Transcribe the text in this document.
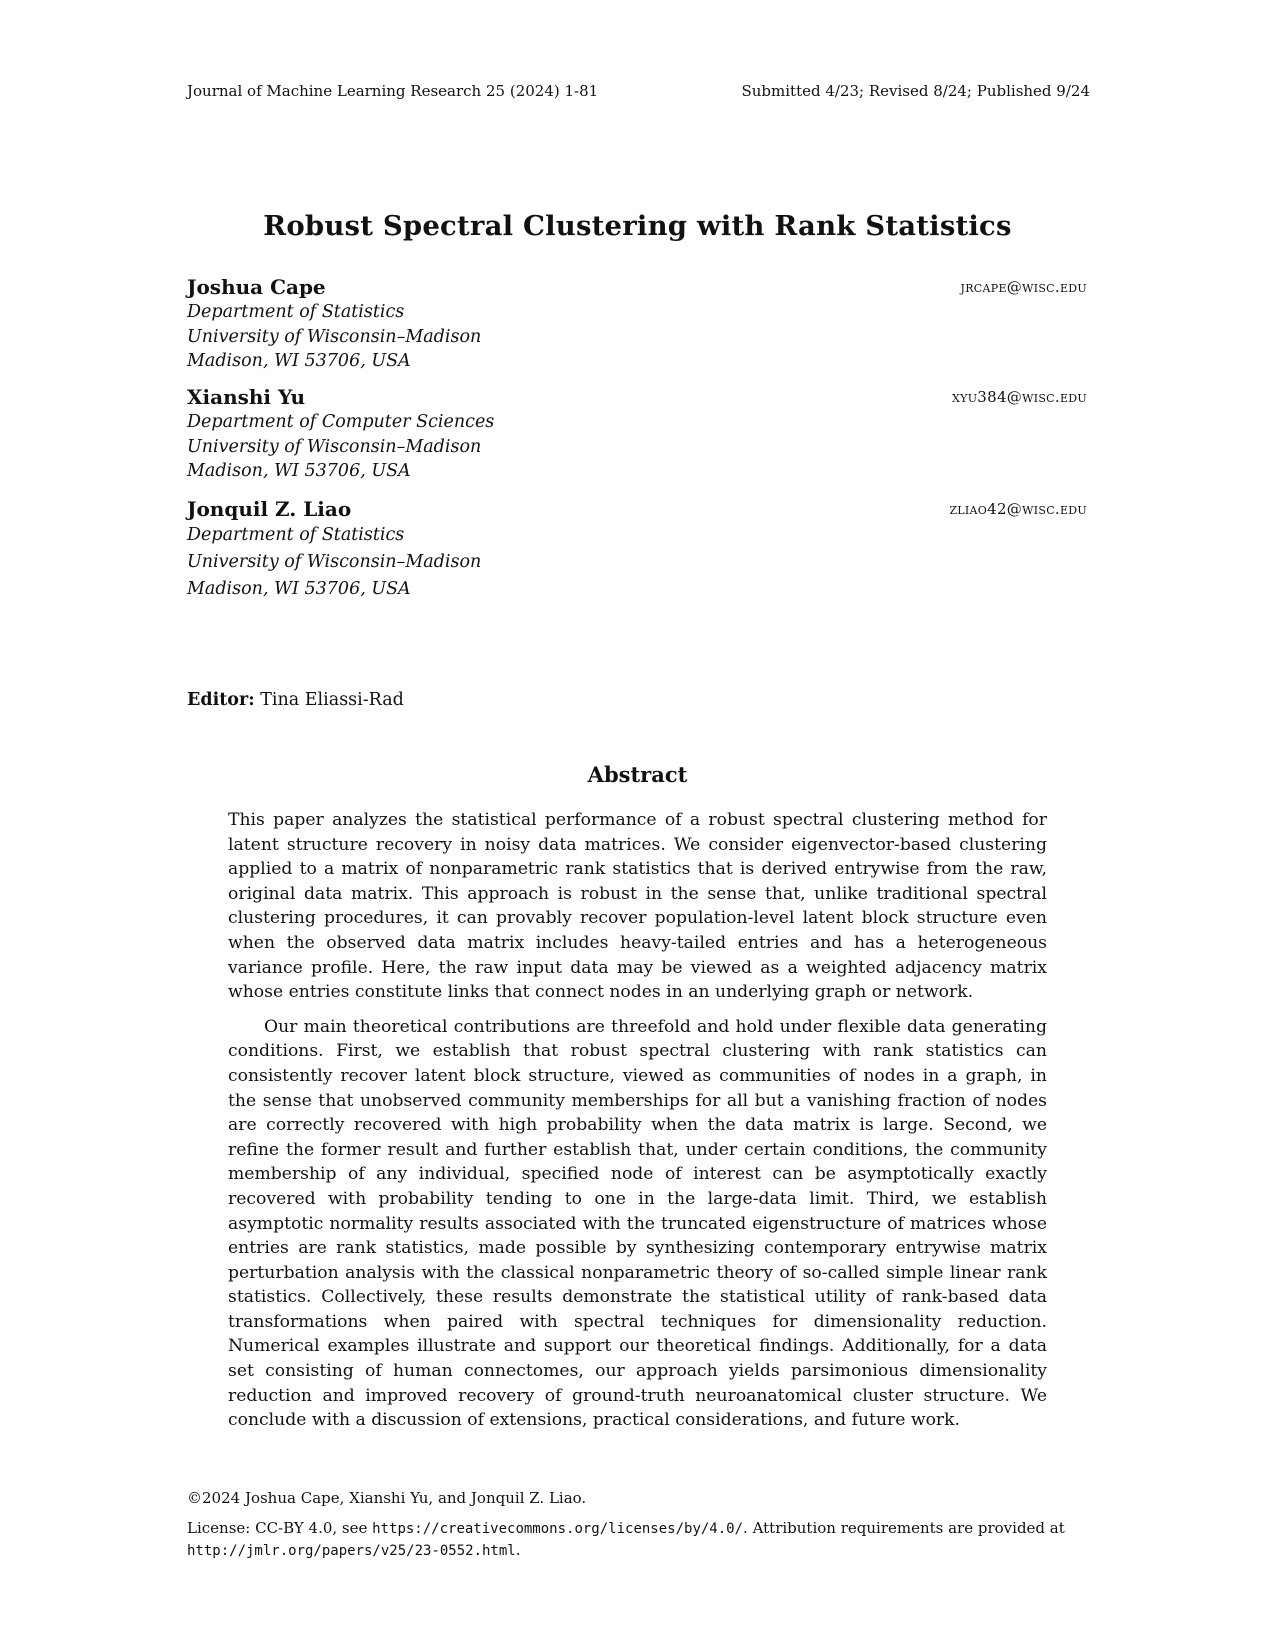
Journal of Machine Learning Research 25 (2024) 1-81	Submitted 4/23; Revised 8/24; Published 9/24
Robust Spectral Clustering with Rank Statistics
Joshua Cape	jrcape@wisc.edu
Department of Statistics
University of Wisconsin–Madison
Madison, WI 53706, USA
Xianshi Yu	xyu384@wisc.edu
Department of Computer Sciences
University of Wisconsin–Madison
Madison, WI 53706, USA
Jonquil Z. Liao	zliao42@wisc.edu
Department of Statistics
University of Wisconsin–Madison
Madison, WI 53706, USA
Editor: Tina Eliassi-Rad
Abstract

This paper analyzes the statistical performance of a robust spectral clustering method for latent structure recovery in noisy data matrices. We consider eigenvector-based clustering applied to a matrix of nonparametric rank statistics that is derived entrywise from the raw, original data matrix. This approach is robust in the sense that, unlike traditional spectral clustering procedures, it can provably recover population-level latent block structure even when the observed data matrix includes heavy-tailed entries and has a heterogeneous variance profile. Here, the raw input data may be viewed as a weighted adjacency matrix whose entries constitute links that connect nodes in an underlying graph or network.

Our main theoretical contributions are threefold and hold under flexible data generating conditions. First, we establish that robust spectral clustering with rank statistics can consistently recover latent block structure, viewed as communities of nodes in a graph, in the sense that unobserved community memberships for all but a vanishing fraction of nodes are correctly recovered with high probability when the data matrix is large. Second, we refine the former result and further establish that, under certain conditions, the community membership of any individual, specified node of interest can be asymptotically exactly recovered with probability tending to one in the large-data limit. Third, we establish asymptotic normality results associated with the truncated eigenstructure of matrices whose entries are rank statistics, made possible by synthesizing contemporary entrywise matrix perturbation analysis with the classical nonparametric theory of so-called simple linear rank statistics. Collectively, these results demonstrate the statistical utility of rank-based data transformations when paired with spectral techniques for dimensionality reduction. Numerical examples illustrate and support our theoretical findings. Additionally, for a data set consisting of human connectomes, our approach yields parsimonious dimensionality reduction and improved recovery of ground-truth neuroanatomical cluster structure. We conclude with a discussion of extensions, practical considerations, and future work.

©2024 Joshua Cape, Xianshi Yu, and Jonquil Z. Liao.
License: CC-BY 4.0, see https://creativecommons.org/licenses/by/4.0/. Attribution requirements are provided at http://jmlr.org/papers/v25/23-0552.html.
